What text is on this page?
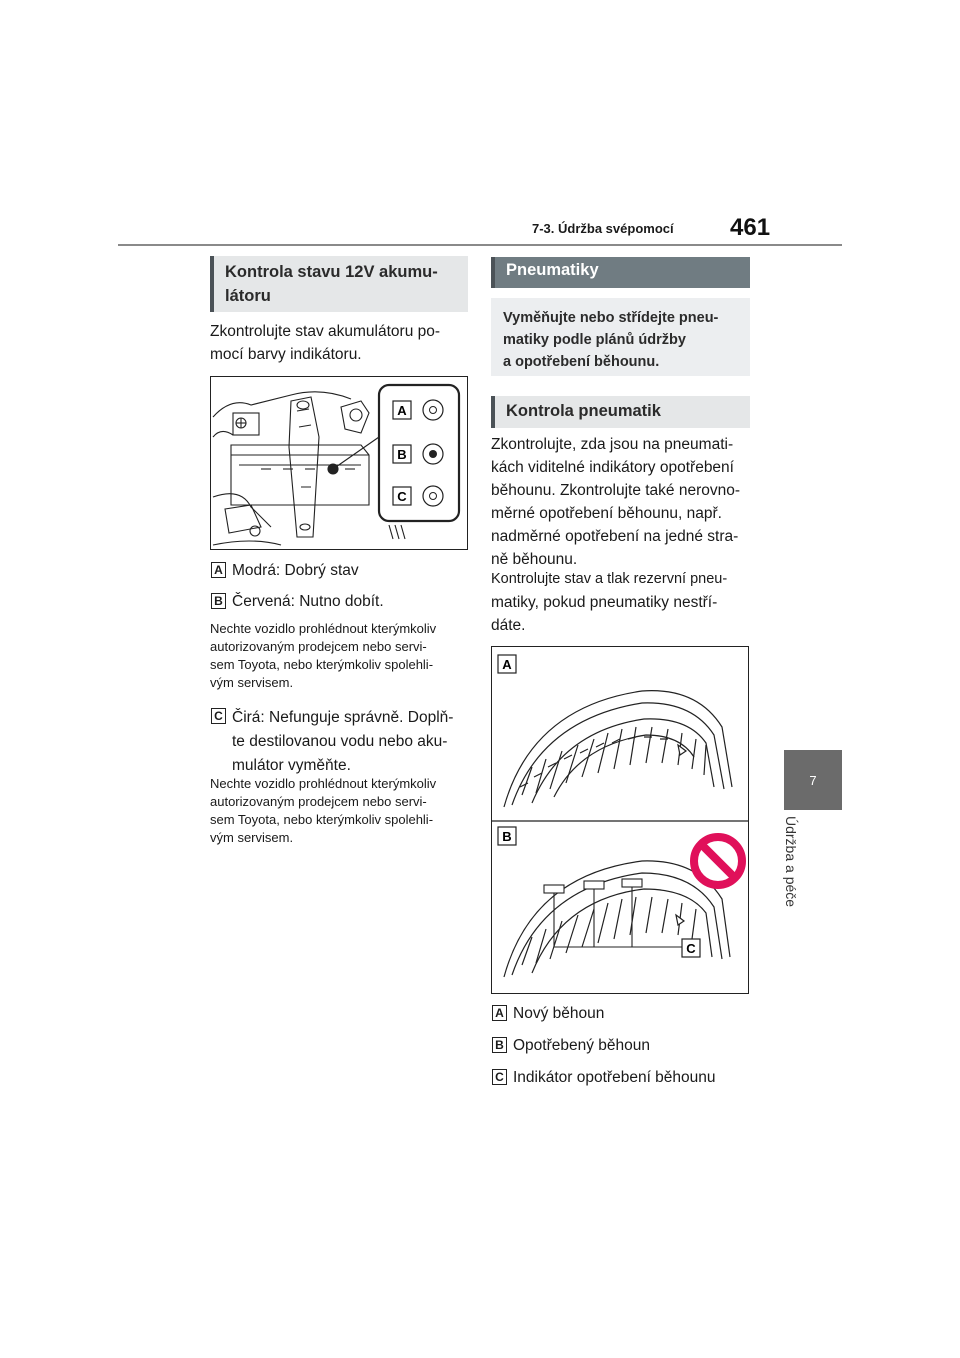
7-3. Údržba svépomocí 461
7
Údržba a péče
Kontrola stavu 12V akumu-
látoru
Zkontrolujte stav akumulátoru po-
mocí barvy indikátoru.
A
B
C
A Modrá: Dobrý stav
B Červená: Nutno dobít.
Nechte vozidlo prohlédnout kterýmkoliv
autorizovaným prodejcem nebo servi-
sem Toyota, nebo kterýmkoliv spolehli-
vým servisem.
C Čirá: Nefunguje správně. Doplň-
te destilovanou vodu nebo aku-
mulátor vyměňte.
Nechte vozidlo prohlédnout kterýmkoliv
autorizovaným prodejcem nebo servi-
sem Toyota, nebo kterýmkoliv spolehli-
vým servisem.
Pneumatiky
Vyměňujte nebo střídejte pneu-
matiky podle plánů údržby
a opotřebení běhounu.
Kontrola pneumatik
Zkontrolujte, zda jsou na pneumati-
kách viditelné indikátory opotřebení
běhounu. Zkontrolujte také nerovno-
měrné opotřebení běhounu, např.
nadměrné opotřebení na jedné stra-
ně běhounu.
Kontrolujte stav a tlak rezervní pneu-
matiky, pokud pneumatiky nestří-
dáte.
A
B
C
A Nový běhoun
B Opotřebený běhoun
C Indikátor opotřebení běhounu
